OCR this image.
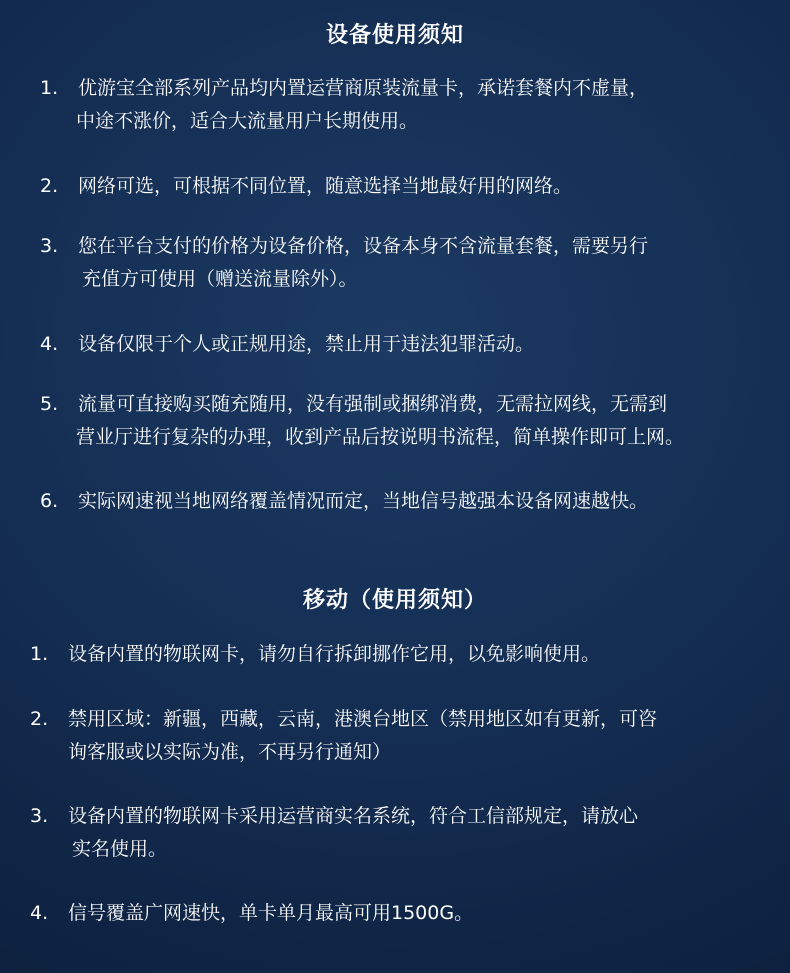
设备使用须知
1. 优游宝全部系列产品均内置运营商原装流量卡，承诺套餐内不虚量，
中途不涨价，适合大流量用户长期使用。
2. 网络可选，可根据不同位置，随意选择当地最好用的网络。
3. 您在平台支付的价格为设备价格，设备本身不含流量套餐，需要另行
充值方可使用（赠送流量除外）。
4. 设备仅限于个人或正规用途，禁止用于违法犯罪活动。
5. 流量可直接购买随充随用，没有强制或捆绑消费，无需拉网线，无需到
营业厅进行复杂的办理，收到产品后按说明书流程，简单操作即可上网。
6. 实际网速视当地网络覆盖情况而定，当地信号越强本设备网速越快。
移动（使用须知）
1. 设备内置的物联网卡，请勿自行拆卸挪作它用，以免影响使用。
2. 禁用区域：新疆，西藏，云南，港澳台地区（禁用地区如有更新，可咨
询客服或以实际为准，不再另行通知）
3. 设备内置的物联网卡采用运营商实名系统，符合工信部规定，请放心
实名使用。
4. 信号覆盖广网速快，单卡单月最高可用1500G。
